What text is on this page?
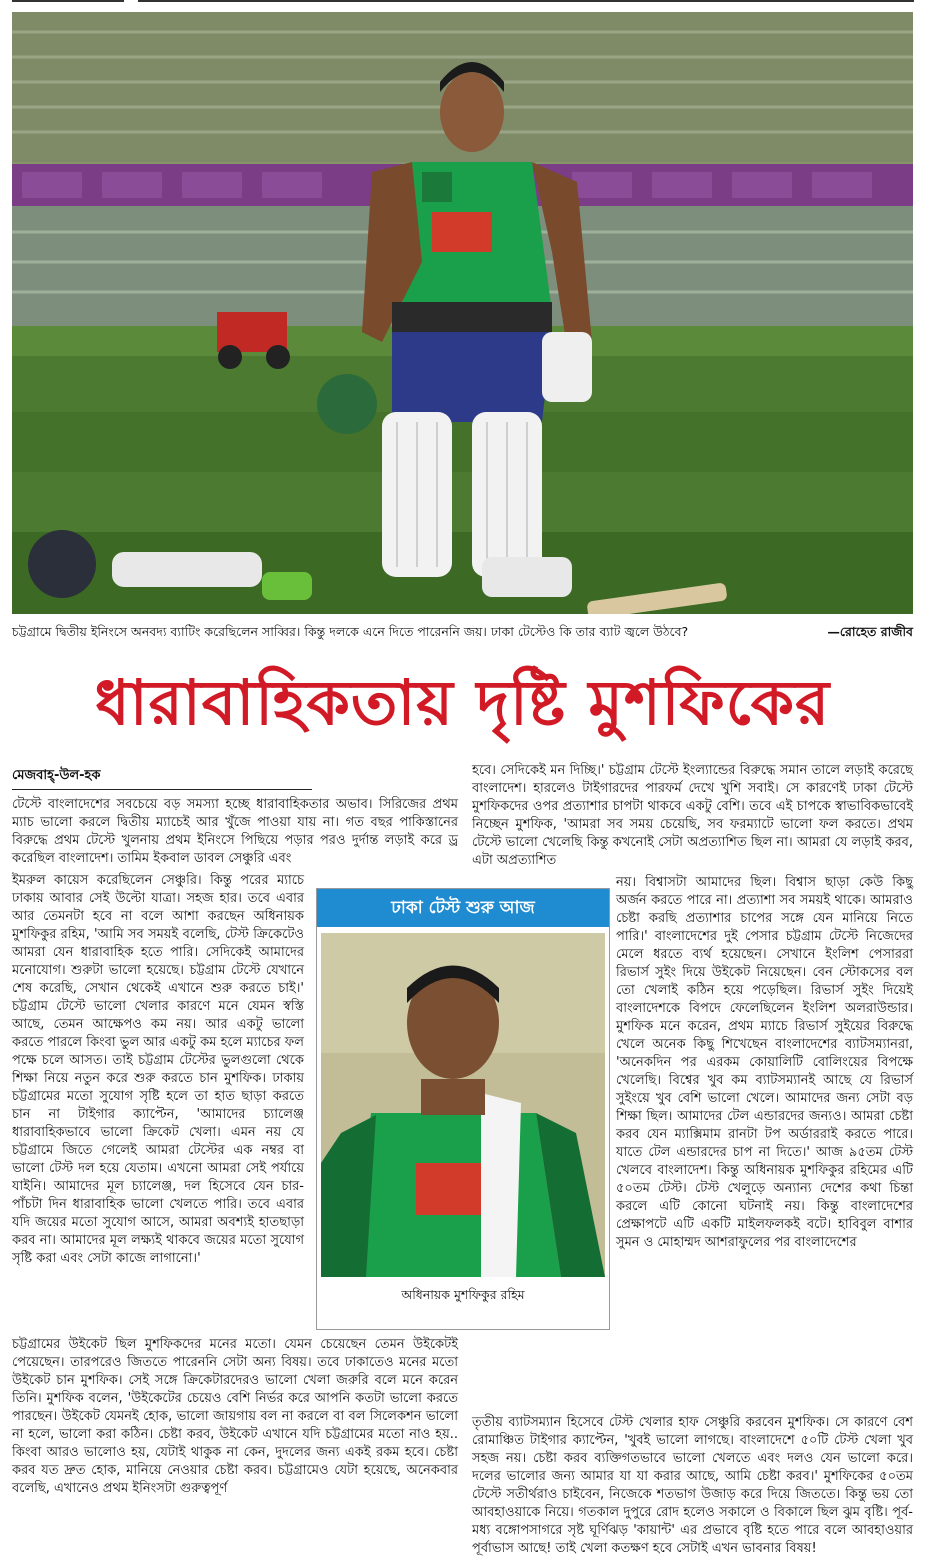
চট্টগ্রামে দ্বিতীয় ইনিংসে অনবদ্য ব্যাটিং করেছিলেন সাব্বির। কিন্তু দলকে এনে দিতে পারেননি জয়। ঢাকা টেস্টেও কি তার ব্যাট জ্বলে উঠবে?	—রোহেত রাজীব
ধারাবাহিকতায় দৃষ্টি মুশফিকের
মেজবাহ্-উল-হক
টেস্টে বাংলাদেশের সবচেয়ে বড় সমস্যা হচ্ছে ধারাবাহিকতার অভাব। সিরিজের প্রথম ম্যাচ ভালো করলে দ্বিতীয় ম্যাচেই আর খুঁজে পাওয়া যায় না। গত বছর পাকিস্তানের বিরুদ্ধে প্রথম টেস্টে খুলনায় প্রথম ইনিংসে পিছিয়ে পড়ার পরও দুর্দান্ত লড়াই করে ড্র করেছিল বাংলাদেশ। তামিম ইকবাল ডাবল সেঞ্চুরি এবং
ইমরুল কায়েস করেছিলেন সেঞ্চুরি। কিন্তু পরের ম্যাচে ঢাকায় আবার সেই উল্টো যাত্রা। সহজ হার। তবে এবার আর তেমনটা হবে না বলে আশা করছেন অধিনায়ক মুশফিকুর রহিম, 'আমি সব সময়ই বলেছি, টেস্ট ক্রিকেটেও আমরা যেন ধারাবাহিক হতে পারি। সেদিকেই আমাদের মনোযোগ। শুরুটা ভালো হয়েছে। চট্টগ্রাম টেস্টে যেখানে শেষ করেছি, সেখান থেকেই এখানে শুরু করতে চাই।' চট্টগ্রাম টেস্টে ভালো খেলার কারণে মনে যেমন স্বস্তি আছে, তেমন আক্ষেপও কম নয়। আর একটু ভালো করতে পারলে কিংবা ভুল আর একটু কম হলে ম্যাচের ফল পক্ষে চলে আসত। তাই চট্টগ্রাম টেস্টের ভুলগুলো থেকে শিক্ষা নিয়ে নতুন করে শুরু করতে চান মুশফিক। ঢাকায় চট্টগ্রামের মতো সুযোগ সৃষ্টি হলে তা হাত ছাড়া করতে চান না টাইগার ক্যাপ্টেন, 'আমাদের চ্যালেঞ্জ ধারাবাহিকভাবে ভালো ক্রিকেট খেলা। এমন নয় যে চট্টগ্রামে জিতে গেলেই আমরা টেস্টের এক নম্বর বা ভালো টেস্ট দল হয়ে যেতাম। এখনো আমরা সেই পর্যায়ে যাইনি। আমাদের মূল চ্যালেঞ্জ, দল হিসেবে যেন চার-পাঁচটা দিন ধারাবাহিক ভালো খেলতে পারি। তবে এবার যদি জয়ের মতো সুযোগ আসে, আমরা অবশ্যই হাতছাড়া করব না। আমাদের মূল লক্ষ্যই থাকবে জয়ের মতো সুযোগ সৃষ্টি করা এবং সেটা কাজে লাগানো।'
চট্টগ্রামের উইকেট ছিল মুশফিকদের মনের মতো। যেমন চেয়েছেন তেমন উইকেটই পেয়েছেন। তারপরেও জিততে পারেননি সেটা অন্য বিষয়। তবে ঢাকাতেও মনের মতো উইকেট চান মুশফিক। সেই সঙ্গে ক্রিকেটারদেরও ভালো খেলা জরুরি বলে মনে করেন তিনি। মুশফিক বলেন, 'উইকেটের চেয়েও বেশি নির্ভর করে আপনি কতটা ভালো করতে পারছেন। উইকেট যেমনই হোক, ভালো জায়গায় বল না করলে বা বল সিলেকশন ভালো না হলে, ভালো করা কঠিন। চেষ্টা করব, উইকেট এখানে যদি চট্টগ্রামের মতো নাও হয়.. কিংবা আরও ভালোও হয়, যেটাই থাকুক না কেন, দুদলের জন্য একই রকম হবে। চেষ্টা করব যত দ্রুত হোক, মানিয়ে নেওয়ার চেষ্টা করব। চট্টগ্রামেও যেটা হয়েছে, অনেকবার বলেছি, এখানেও প্রথম ইনিংসটা গুরুত্বপূর্ণ
হবে। সেদিকেই মন দিচ্ছি।' চট্টগ্রাম টেস্টে ইংল্যান্ডের বিরুদ্ধে সমান তালে লড়াই করেছে বাংলাদেশ। হারলেও টাইগারদের পারফর্ম দেখে খুশি সবাই। সে কারণেই ঢাকা টেস্টে মুশফিকদের ওপর প্রত্যাশার চাপটা থাকবে একটু বেশি। তবে এই চাপকে স্বাভাবিকভাবেই নিচ্ছেন মুশফিক, 'আমরা সব সময় চেয়েছি, সব ফরম্যাটে ভালো ফল করতে। প্রথম টেস্টে ভালো খেলেছি কিন্তু কখনোই সেটা অপ্রত্যাশিত ছিল না। আমরা যে লড়াই করব, এটা অপ্রত্যাশিত
নয়। বিশ্বাসটা আমাদের ছিল। বিশ্বাস ছাড়া কেউ কিছু অর্জন করতে পারে না। প্রত্যাশা সব সময়ই থাকে। আমরাও চেষ্টা করছি প্রত্যাশার চাপের সঙ্গে যেন মানিয়ে নিতে পারি।' বাংলাদেশের দুই পেসার চট্টগ্রাম টেস্টে নিজেদের মেলে ধরতে ব্যর্থ হয়েছেন। সেখানে ইংলিশ পেসাররা রিভার্স সুইং দিয়ে উইকেট নিয়েছেন। বেন স্টোকসের বল তো খেলাই কঠিন হয়ে পড়েছিল। রিভার্স সুইং দিয়েই বাংলাদেশকে বিপদে ফেলেছিলেন ইংলিশ অলরাউন্ডার। মুশফিক মনে করেন, প্রথম ম্যাচে রিভার্স সুইয়ের বিরুদ্ধে খেলে অনেক কিছু শিখেছেন বাংলাদেশের ব্যাটসম্যানরা, 'অনেকদিন পর এরকম কোয়ালিটি বোলিংয়ের বিপক্ষে খেলেছি। বিশ্বের খুব কম ব্যাটসম্যানই আছে যে রিভার্স সুইংয়ে খুব বেশি ভালো খেলে। আমাদের জন্য সেটা বড় শিক্ষা ছিল। আমাদের টেল এন্ডারদের জন্যও। আমরা চেষ্টা করব যেন ম্যাক্সিমাম রানটা টপ অর্ডাররাই করতে পারে। যাতে টেল এন্ডারদের চাপ না দিতে।' আজ ৯৫তম টেস্ট খেলবে বাংলাদেশ। কিন্তু অধিনায়ক মুশফিকুর রহিমের এটি ৫০তম টেস্ট। টেস্ট খেলুড়ে অন্যান্য দেশের কথা চিন্তা করলে এটি কোনো ঘটনাই নয়। কিন্তু বাংলাদেশের প্রেক্ষাপটে এটি একটি মাইলফলকই বটে। হাবিবুল বাশার সুমন ও মোহাম্মদ আশরাফুলের পর বাংলাদেশের
তৃতীয় ব্যাটসম্যান হিসেবে টেস্ট খেলার হাফ সেঞ্চুরি করবেন মুশফিক। সে কারণে বেশ রোমাঞ্চিত টাইগার ক্যাপ্টেন, 'খুবই ভালো লাগছে। বাংলাদেশে ৫০টি টেস্ট খেলা খুব সহজ নয়। চেষ্টা করব ব্যক্তিগতভাবে ভালো খেলতে এবং দলও যেন ভালো করে। দলের ভালোর জন্য আমার যা যা করার আছে, আমি চেষ্টা করব।' মুশফিকের ৫০তম টেস্টে সতীর্থরাও চাইবেন, নিজেকে শতভাগ উজাড় করে দিয়ে জিততে। কিন্তু ভয় তো আবহাওয়াকে নিয়ে। গতকাল দুপুরে রোদ হলেও সকালে ও বিকালে ছিল ঝুম বৃষ্টি। পূর্ব-মধ্য বঙ্গোপসাগরে সৃষ্ট ঘূর্ণিঝড় 'কায়ান্ট' এর প্রভাবে বৃষ্টি হতে পারে বলে আবহাওয়ার পূর্বাভাস আছে! তাই খেলা কতক্ষণ হবে সেটাই এখন ভাবনার বিষয়!
ঢাকা টেস্ট শুরু আজ
অধিনায়ক মুশফিকুর রহিম
